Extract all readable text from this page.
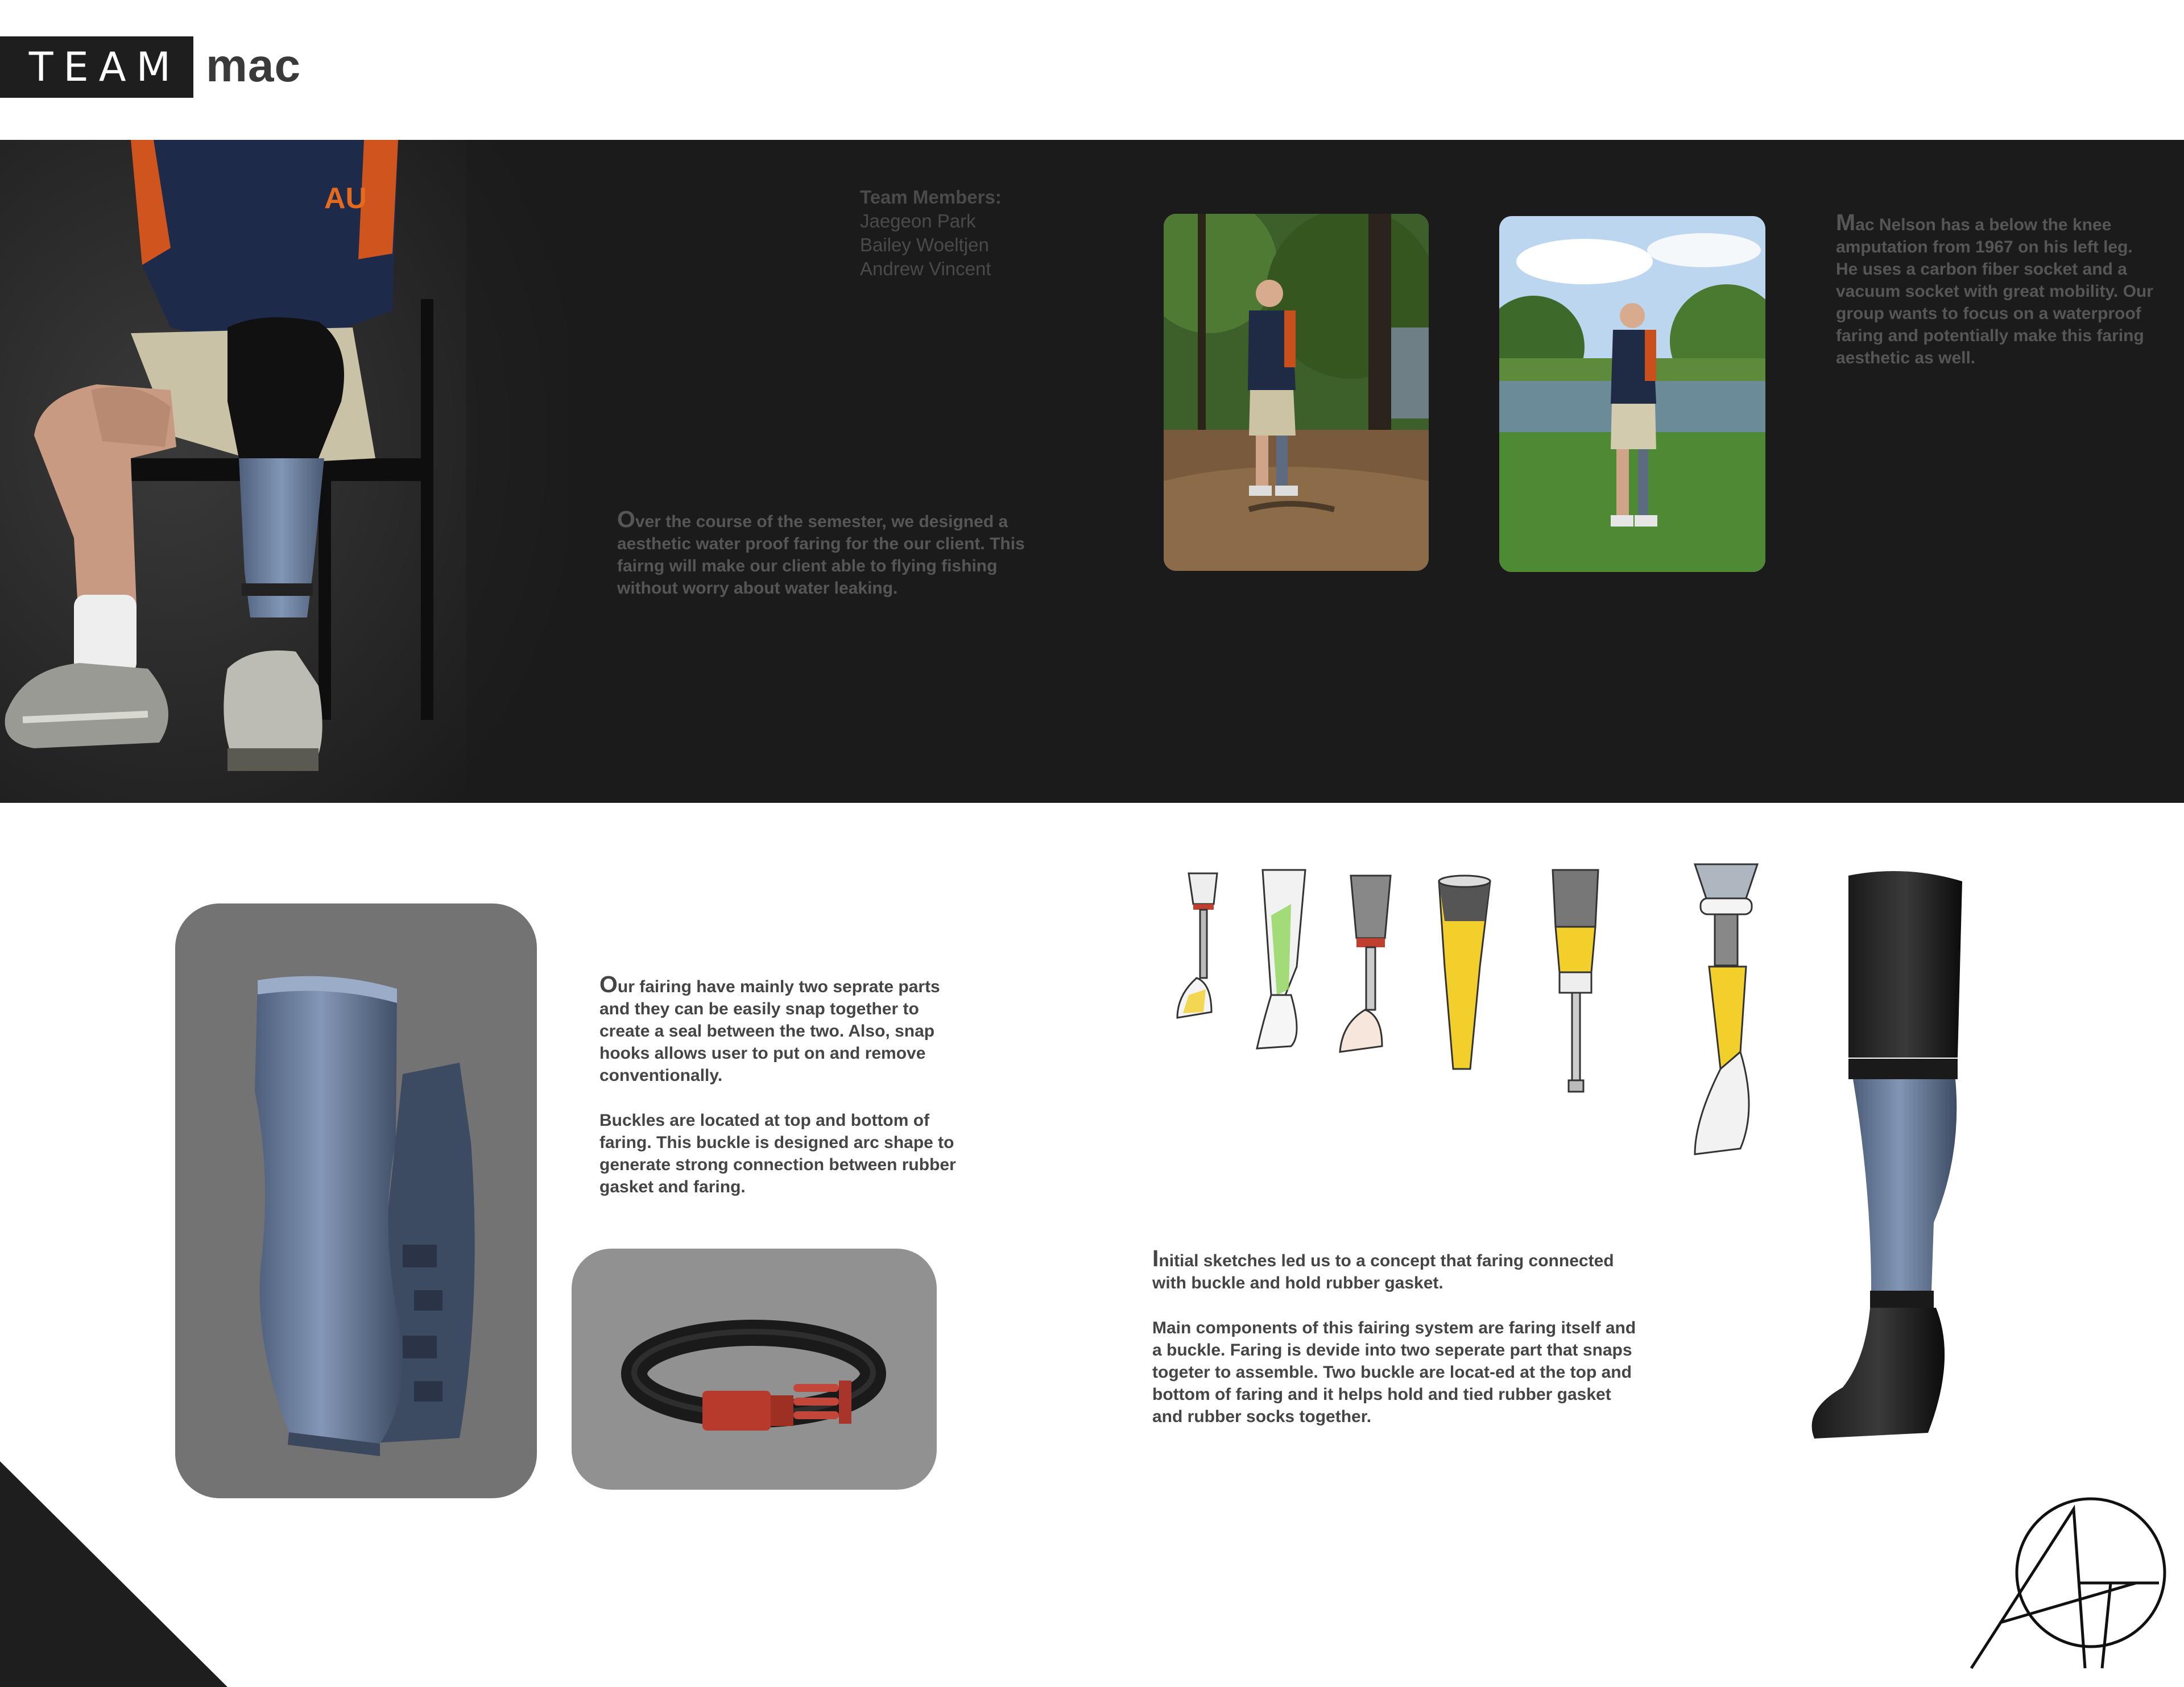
TEAM mac
AU	Team Members:
Jaegeon Park
Bailey Woeltjen
Andrew Vincent
Over the course of the semester, we designed a aesthetic water proof faring for the our client. This fairng will make our client able to flying fishing without worry about water leaking.
Mac Nelson has a below the knee amputation from 1967 on his left leg. He uses a carbon fiber socket and a vacuum socket with great mobility. Our group wants to focus on a waterproof faring and potentially make this faring aesthetic as well.

Our fairing have mainly two seprate parts and they can be easily snap together to create a seal between the two. Also, snap hooks allows user to put on and remove conventionally.

Buckles are located at top and bottom of faring. This buckle is designed arc shape to generate strong connection between rubber gasket and faring.

Initial sketches led us to a concept that faring connected with buckle and hold rubber gasket.

Main components of this fairing system are faring itself and a buckle. Faring is devide into two seperate part that snaps togeter to assemble. Two buckle are locat-ed at the top and bottom of faring and it helps hold and tied rubber gasket and rubber socks together.
